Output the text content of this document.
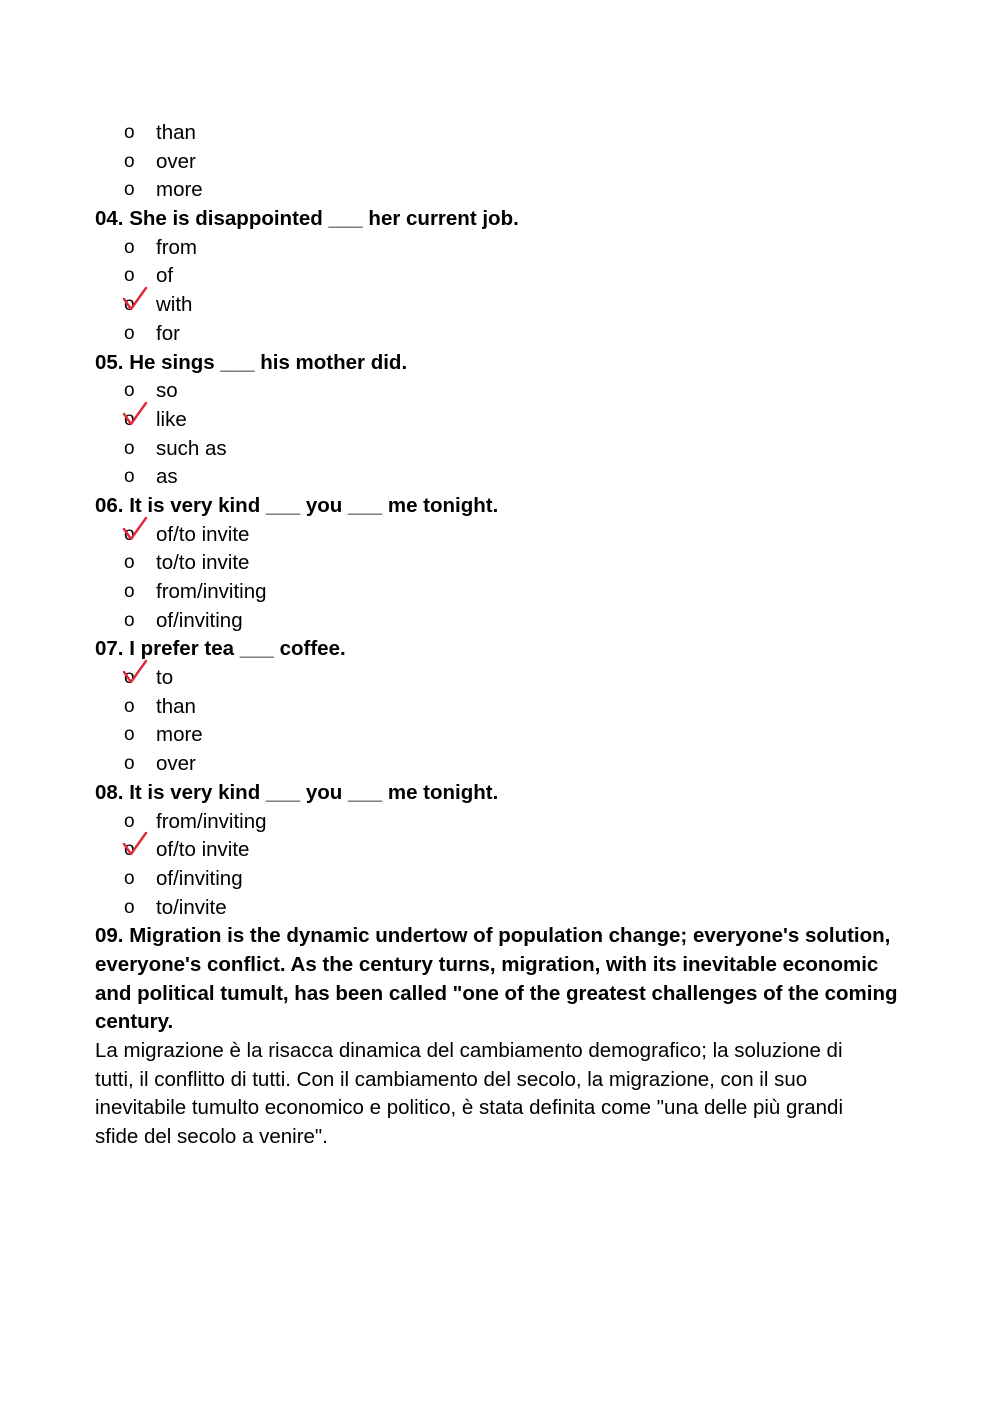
o than
o over
o more
04. She is disappointed ___ her current job.
o from
o of
o with
o for
05. He sings ___ his mother did.
o so
o like
o such as
o as
06. It is very kind ___ you ___ me tonight.
o of/to invite
o to/to invite
o from/inviting
o of/inviting
07. I prefer tea ___ coffee.
o to
o than
o more
o over
08. It is very kind ___ you ___ me tonight.
o from/inviting
o of/to invite
o of/inviting
o to/invite
09. Migration is the dynamic undertow of population change; everyone's solution,
everyone's conflict. As the century turns, migration, with its inevitable economic
and political tumult, has been called "one of the greatest challenges of the coming
century.
La migrazione è la risacca dinamica del cambiamento demografico; la soluzione di
tutti, il conflitto di tutti. Con il cambiamento del secolo, la migrazione, con il suo
inevitabile tumulto economico e politico, è stata definita come "una delle più grandi
sfide del secolo a venire".
